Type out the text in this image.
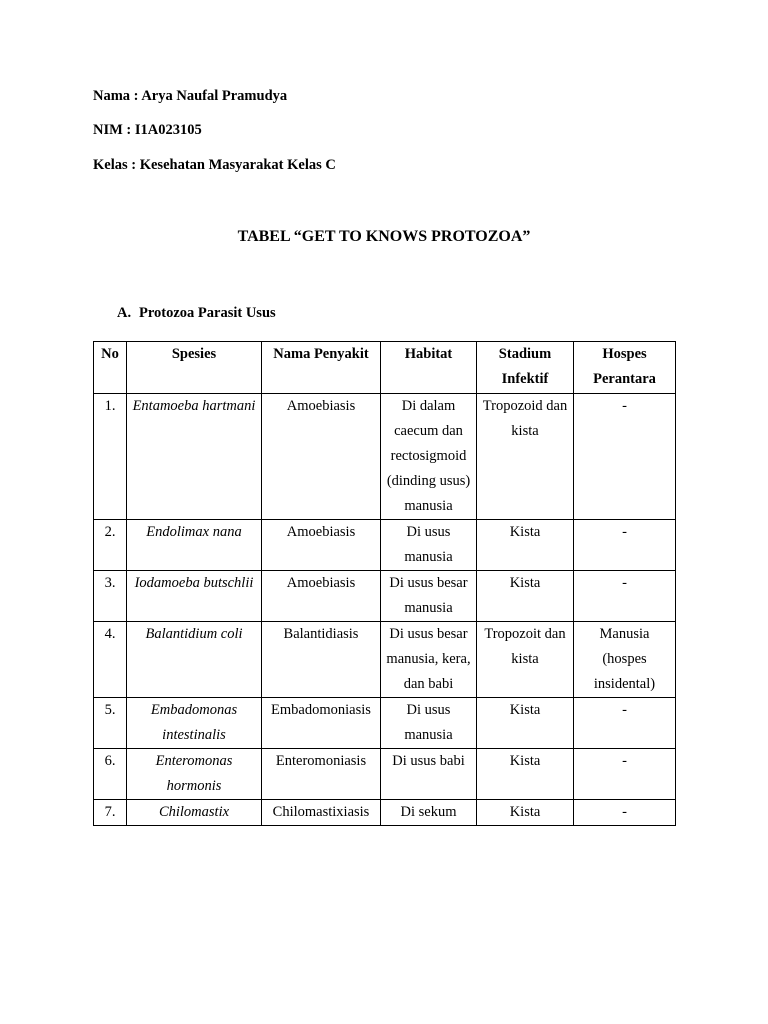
Nama : Arya Naufal Pramudya
NIM : I1A023105
Kelas : Kesehatan Masyarakat Kelas C
TABEL “GET TO KNOWS PROTOZOA”
A. Protozoa Parasit Usus
No	Spesies	Nama Penyakit	Habitat	Stadium Infektif	Hospes Perantara
1.	Entamoeba hartmani	Amoebiasis	Di dalam caecum dan rectosigmoid (dinding usus) manusia	Tropozoid dan kista	-
2.	Endolimax nana	Amoebiasis	Di usus manusia	Kista	-
3.	Iodamoeba butschlii	Amoebiasis	Di usus besar manusia	Kista	-
4.	Balantidium coli	Balantidiasis	Di usus besar manusia, kera, dan babi	Tropozoit dan kista	Manusia (hospes insidental)
5.	Embadomonas intestinalis	Embadomoniasis	Di usus manusia	Kista	-
6.	Enteromonas hormonis	Enteromoniasis	Di usus babi	Kista	-
7.	Chilomastix	Chilomastixiasis	Di sekum	Kista	-
